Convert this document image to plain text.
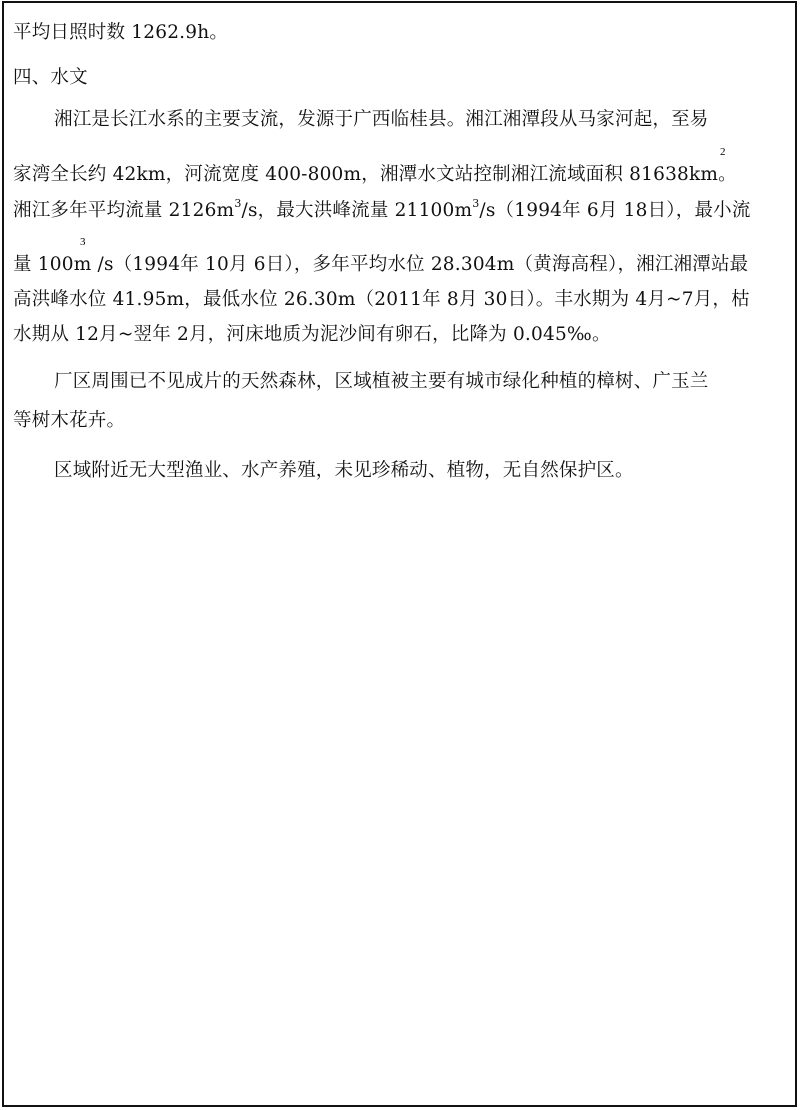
平均日照时数 1262.9h。
四、水文
湘江是长江水系的主要支流，发源于广西临桂县。湘江湘潭段从马家河起，至易
2
家湾全长约 42km，河流宽度 400-800m，湘潭水文站控制湘江流域面积 81638km。
湘江多年平均流量 $2126m^3/s$，最大洪峰流量 $21100m^3/s(1994$年 6月 18日），最小流
3
量 100m /s（1994年 10月 6日），多年平均水位 28.304m（黄海高程），湘江湘潭站最
高洪峰水位 41.95m，最低水位 26.30m（2011年 8月 30日）。丰水期为 4月~7月，枯
水期从 12月~翌年 2月，河床地质为泥沙间有卵石，比降为 0.045‰。
厂区周围已不见成片的天然森林，区域植被主要有城市绿化种植的樟树、广玉兰
等树木花卉。
区域附近无大型渔业、水产养殖，未见珍稀动、植物，无自然保护区。
